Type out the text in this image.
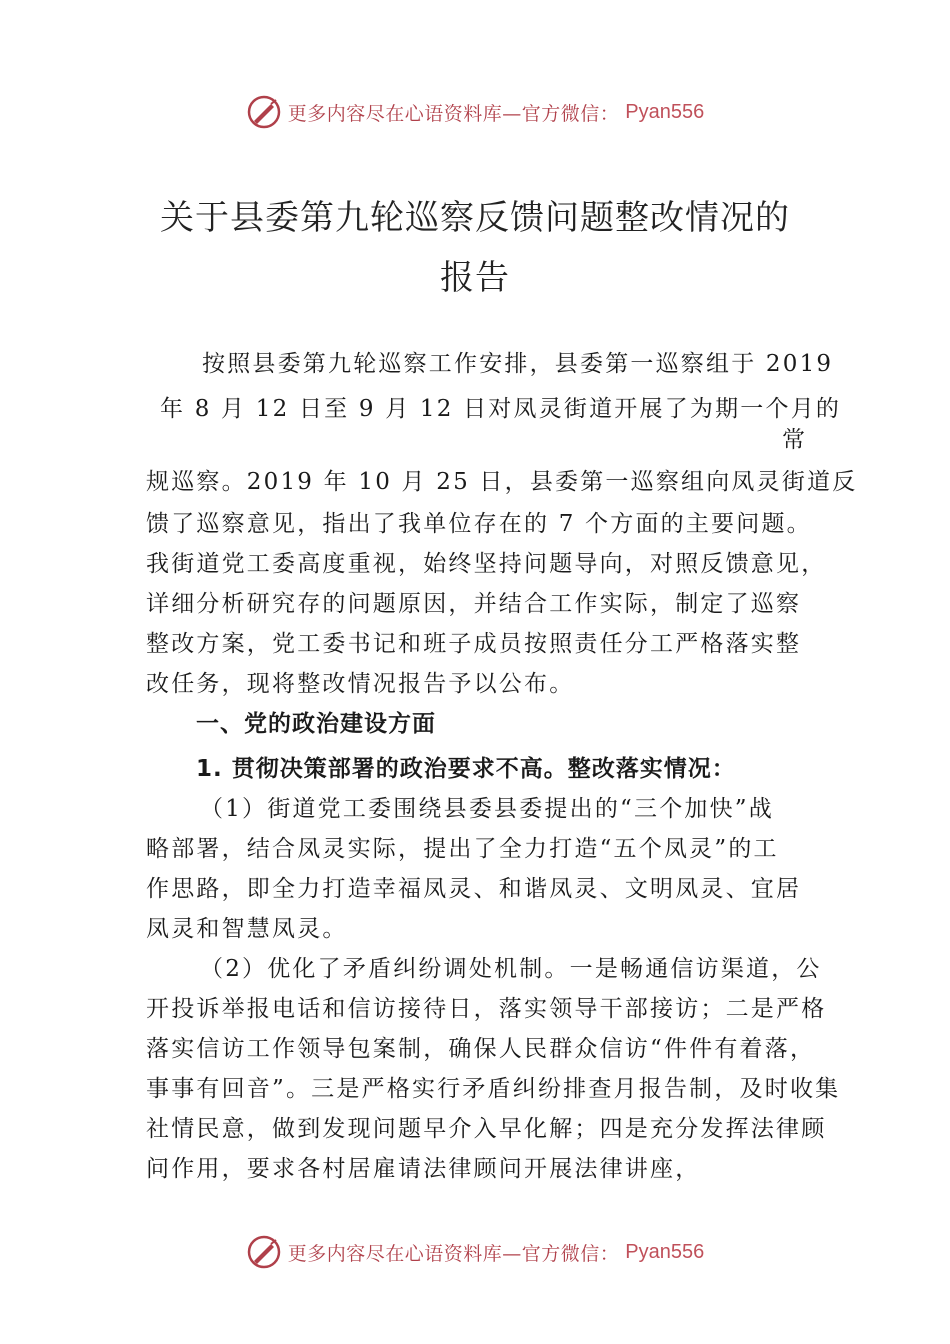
更多内容尽在心语资料库—官方微信： Pyan556
关于县委第九轮巡察反馈问题整改情况的
报告
按照县委第九轮巡察工作安排，县委第一巡察组于 2019
年 8 月 12 日至 9 月 12 日对凤灵街道开展了为期一个月的
常
规巡察。2019 年 10 月 25 日，县委第一巡察组向凤灵街道反
馈了巡察意见，指出了我单位存在的 7 个方面的主要问题。
我街道党工委高度重视，始终坚持问题导向，对照反馈意见，
详细分析研究存的问题原因，并结合工作实际，制定了巡察
整改方案，党工委书记和班子成员按照责任分工严格落实整
改任务，现将整改情况报告予以公布。
一、党的政治建设方面
1. 贯彻决策部署的政治要求不高。整改落实情况：
（1）街道党工委围绕县委县委提出的“三个加快”战
略部署，结合凤灵实际，提出了全力打造“五个凤灵”的工
作思路，即全力打造幸福凤灵、和谐凤灵、文明凤灵、宜居
凤灵和智慧凤灵。
（2）优化了矛盾纠纷调处机制。一是畅通信访渠道，公
开投诉举报电话和信访接待日，落实领导干部接访；二是严格
落实信访工作领导包案制，确保人民群众信访“件件有着落，
事事有回音”。三是严格实行矛盾纠纷排查月报告制，及时收集
社情民意，做到发现问题早介入早化解；四是充分发挥法律顾
问作用，要求各村居雇请法律顾问开展法律讲座，
更多内容尽在心语资料库—官方微信： Pyan556
